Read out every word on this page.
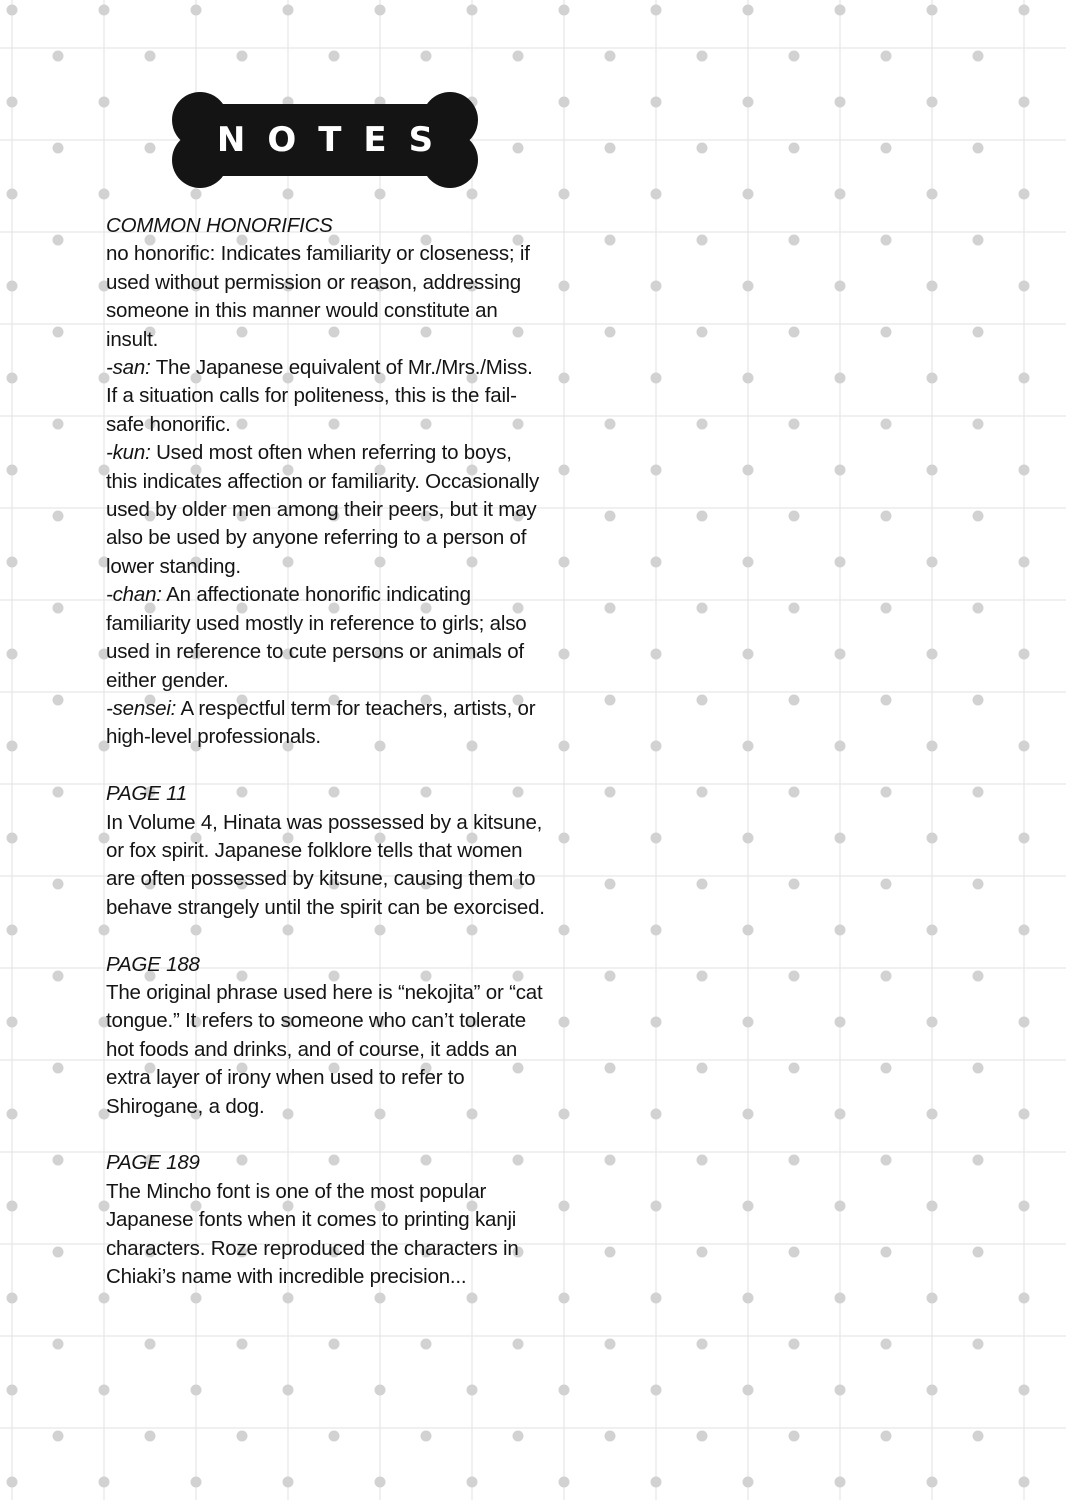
NOTES

COMMON HONORIFICS

no honorific: Indicates familiarity or closeness; if used without permission or reason, addressing someone in this manner would constitute an insult.

-san: The Japanese equivalent of Mr./Mrs./Miss. If a situation calls for politeness, this is the fail-safe honorific.

-kun: Used most often when referring to boys, this indicates affection or familiarity. Occasionally used by older men among their peers, but it may also be used by anyone referring to a person of lower standing.

-chan: An affectionate honorific indicating familiarity used mostly in reference to girls; also used in reference to cute persons or animals of either gender.

-sensei: A respectful term for teachers, artists, or high-level professionals.

PAGE 11

In Volume 4, Hinata was possessed by a kitsune, or fox spirit. Japanese folklore tells that women are often possessed by kitsune, causing them to behave strangely until the spirit can be exorcised.

PAGE 188

The original phrase used here is “nekojita” or “cat tongue.” It refers to someone who can’t tolerate hot foods and drinks, and of course, it adds an extra layer of irony when used to refer to Shirogane, a dog.

PAGE 189

The Mincho font is one of the most popular Japanese fonts when it comes to printing kanji characters. Roze reproduced the characters in Chiaki’s name with incredible precision...
